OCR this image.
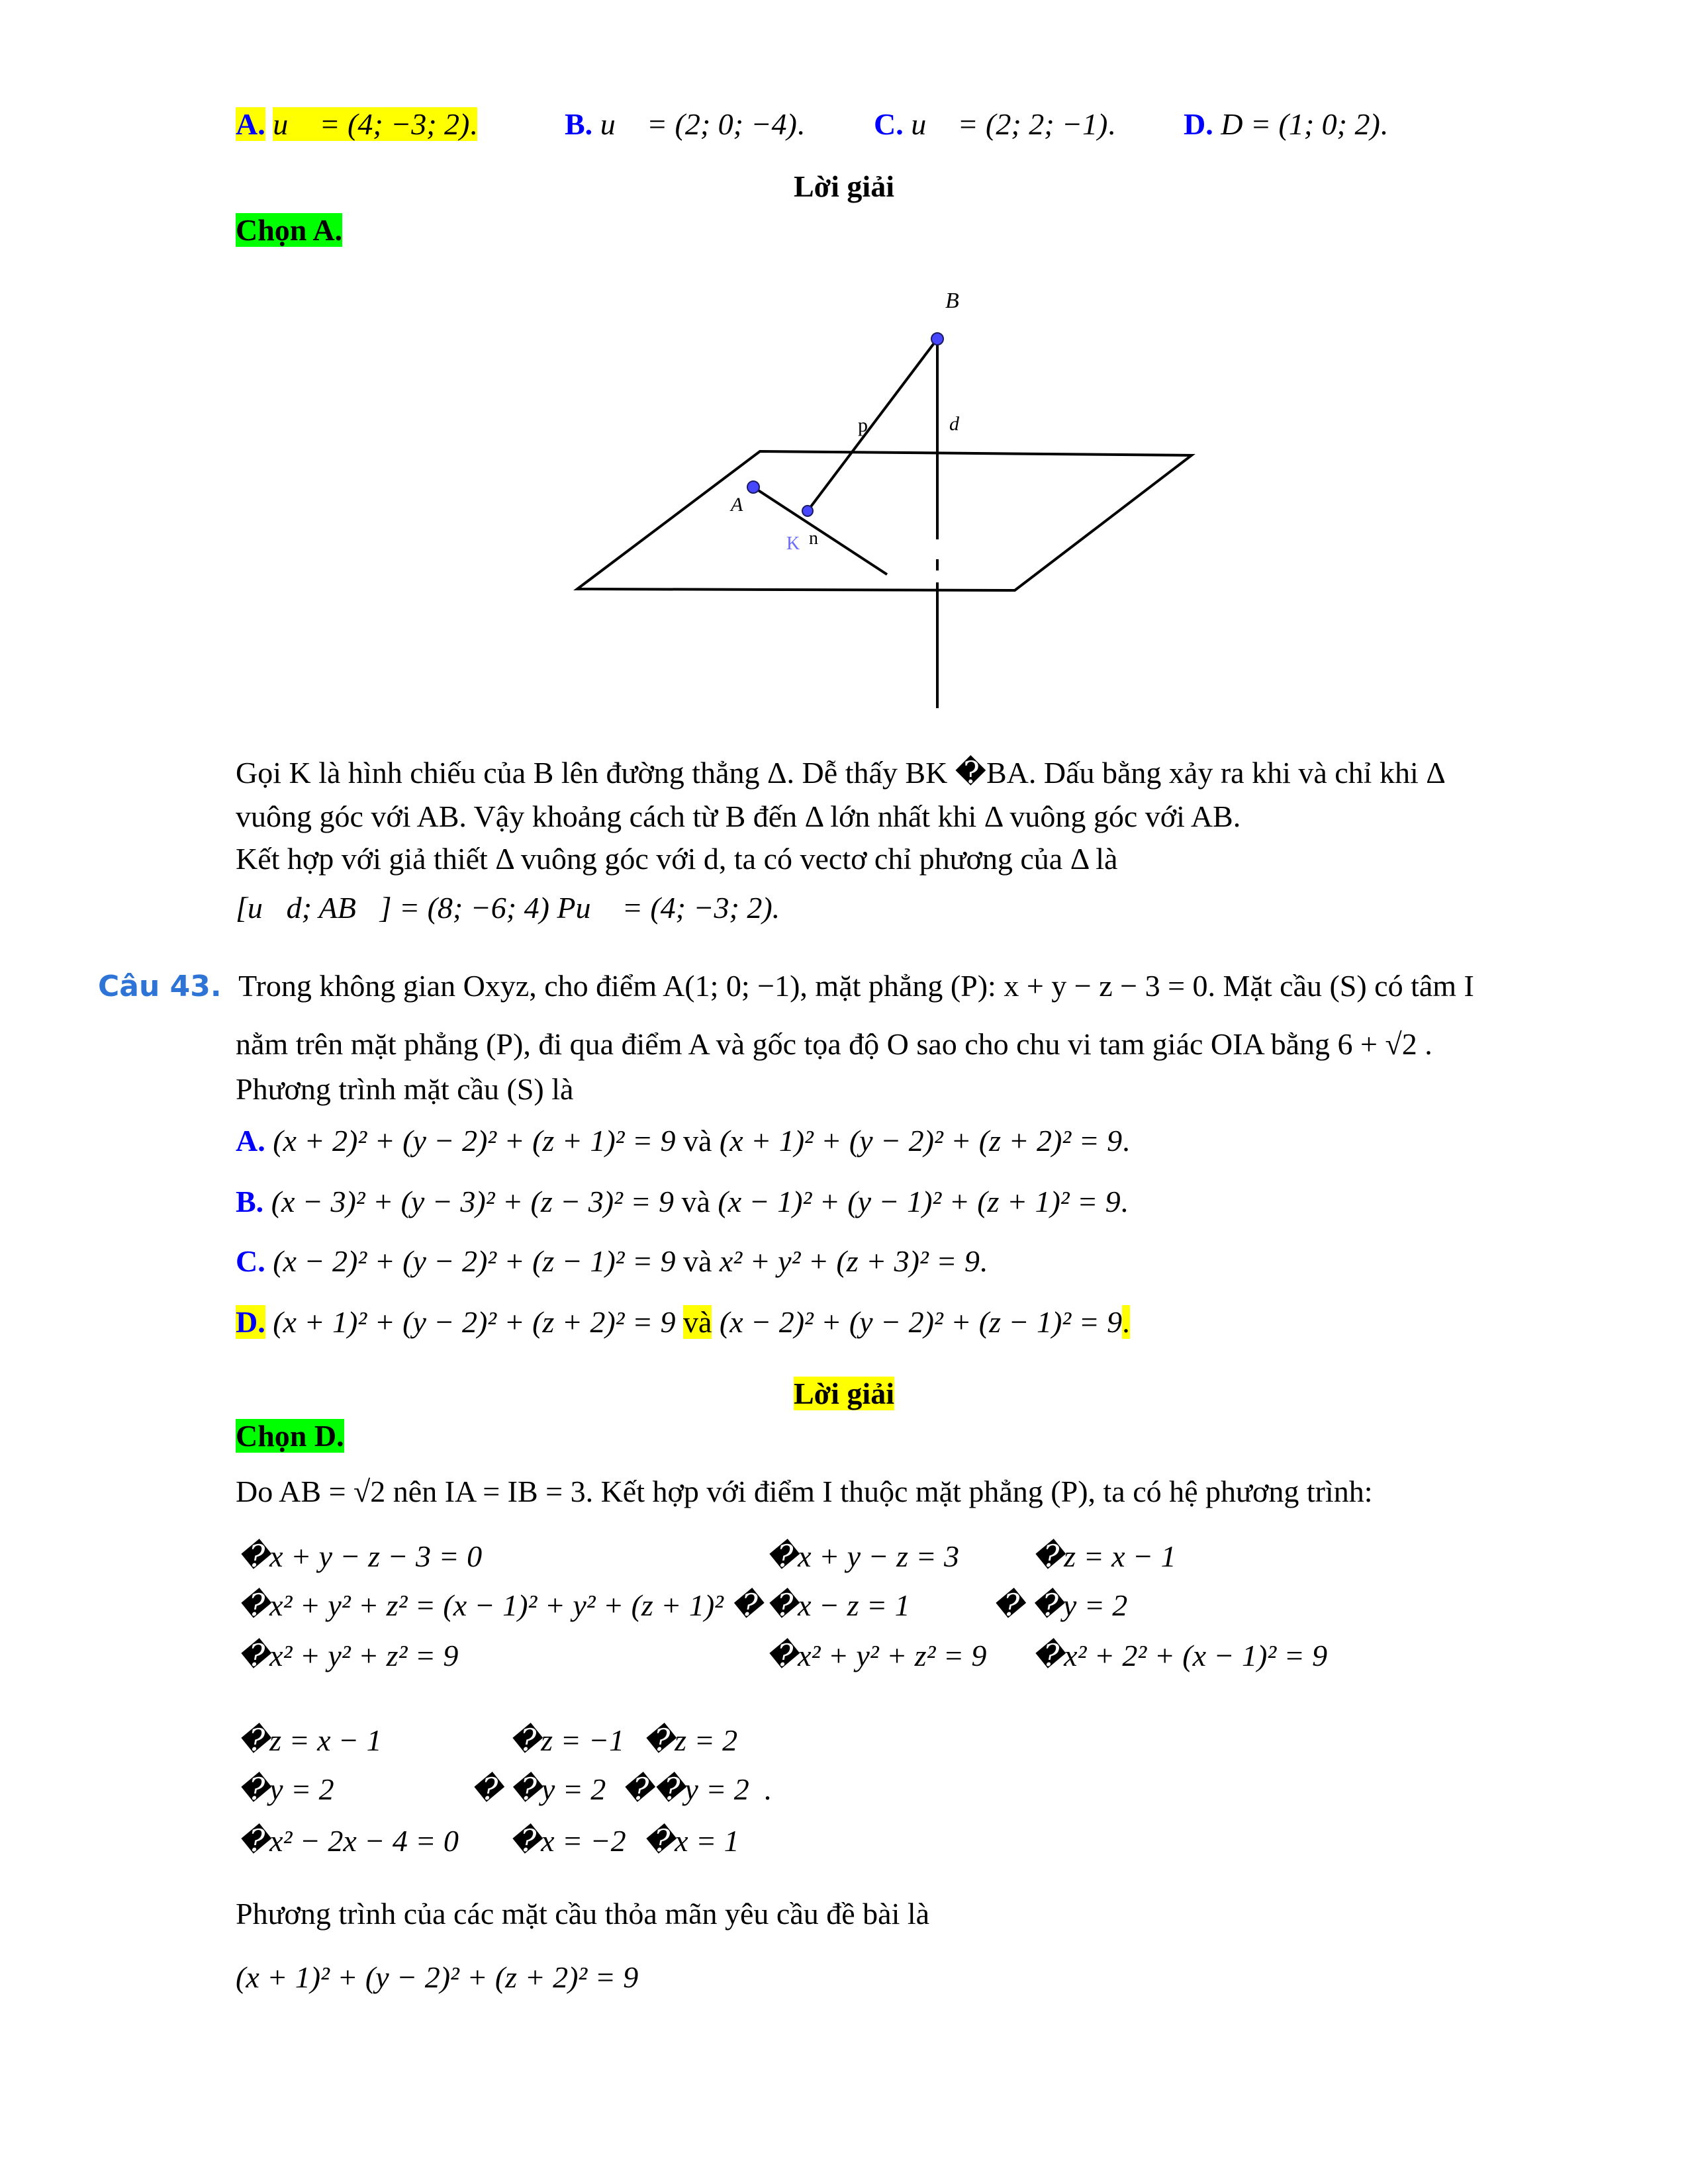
A. u⃗ = (4; −3; 2).	B. u⃗ = (2; 0; −4). C. u⃗ = (2; 2; −1). D. D = (1; 0; 2).
Lời giải
Chọn A.
B
A
K n
p	d
Gọi K là hình chiếu của B lên đường thẳng Δ. Dễ thấy BK �BA. Dấu bằng xảy ra khi và chỉ khi Δ
vuông góc với AB. Vậy khoảng cách từ B đến Δ lớn nhất khi Δ vuông góc với AB.
Kết hợp với giả thiết Δ vuông góc với d, ta có vectơ chỉ phương của Δ là
[u⃗d; AB⃗] = (8; −6; 4) Pu⃗ = (4; −3; 2).
Câu 43. Trong không gian Oxyz, cho điểm A(1; 0; −1), mặt phẳng (P): x + y − z − 3 = 0. Mặt cầu (S) có tâm I
nằm trên mặt phẳng (P), đi qua điểm A và gốc tọa độ O sao cho chu vi tam giác OIA bằng 6 + √2 .
Phương trình mặt cầu (S) là
A. (x + 2)² + (y − 2)² + (z + 1)² = 9 và (x + 1)² + (y − 2)² + (z + 2)² = 9.
B. (x − 3)² + (y − 3)² + (z − 3)² = 9 và (x − 1)² + (y − 1)² + (z + 1)² = 9.
C. (x − 2)² + (y − 2)² + (z − 1)² = 9 và x² + y² + (z + 3)² = 9.
D. (x + 1)² + (y − 2)² + (z + 2)² = 9 và (x − 2)² + (y − 2)² + (z − 1)² = 9.
Lời giải
Chọn D.
Do AB = √2 nên IA = IB = 3. Kết hợp với điểm I thuộc mặt phẳng (P), ta có hệ phương trình:
�x + y − z − 3 = 0
�x² + y² + z² = (x − 1)² + y² + (z + 1)² �
�x² + y² + z² = 9
�x + y − z = 3
�x − z = 1
�x² + y² + z² = 9
�z = x − 1
� �y = 2
�x² + 2² + (x − 1)² = 9
�z = x − 1
�y = 2
�x² − 2x − 4 = 0
�z = −1
� �y = 2
�x = −2
�z = 2
��y = 2 .
�x = 1
Phương trình của các mặt cầu thỏa mãn yêu cầu đề bài là
(x + 1)² + (y − 2)² + (z + 2)² = 9
